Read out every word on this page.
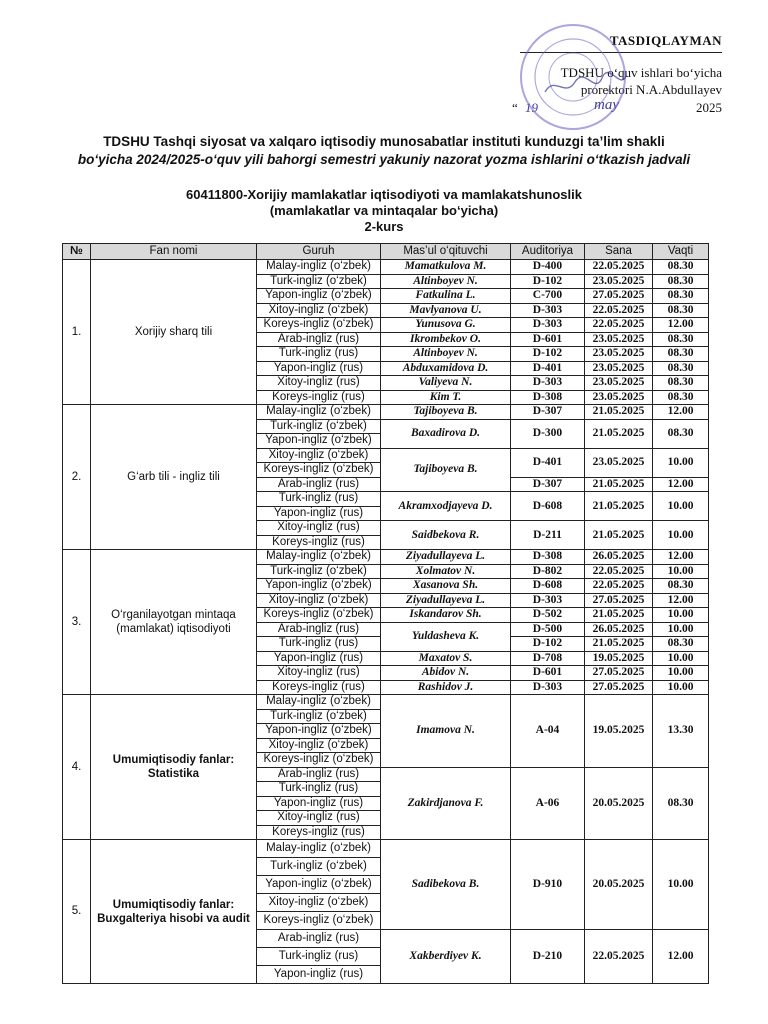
TASDIQLAYMAN
TDSHU o‘quv ishlari bo‘yicha
prorektori N.A.Abdullayev
“ 19	may	2025
TDSHU Tashqi siyosat va xalqaro iqtisodiy munosabatlar instituti kunduzgi ta’lim shakli
bo‘yicha 2024/2025-o‘quv yili bahorgi semestri yakuniy nazorat yozma ishlarini o‘tkazish jadvali
60411800-Xorijiy mamlakatlar iqtisodiyoti va mamlakatshunoslik
(mamlakatlar va mintaqalar bo‘yicha)
2-kurs
№	Fan nomi	Guruh	Mas’ul o‘qituvchi	Auditoriya	Sana	Vaqti
1.	Xorijiy sharq tili	Malay-ingliz (o‘zbek)	Mamatkulova M.	D-400	22.05.2025	08.30
		Turk-ingliz (o‘zbek)	Altinboyev N.	D-102	23.05.2025	08.30
		Yapon-ingliz (o‘zbek)	Fatkulina L.	C-700	27.05.2025	08.30
		Xitoy-ingliz (o‘zbek)	Mavlyanova U.	D-303	22.05.2025	08.30
		Koreys-ingliz (o‘zbek)	Yunusova G.	D-303	22.05.2025	12.00
		Arab-ingliz (rus)	Ikrombekov O.	D-601	23.05.2025	08.30
		Turk-ingliz (rus)	Altinboyev N.	D-102	23.05.2025	08.30
		Yapon-ingliz (rus)	Abduxamidova D.	D-401	23.05.2025	08.30
		Xitoy-ingliz (rus)	Valiyeva N.	D-303	23.05.2025	08.30
		Koreys-ingliz (rus)	Kim T.	D-308	23.05.2025	08.30
2.	G‘arb tili - ingliz tili	Malay-ingliz (o‘zbek)	Tajiboyeva B.	D-307	21.05.2025	12.00
		Turk-ingliz (o‘zbek)	Baxadirova D.	D-300	21.05.2025	08.30
		Yapon-ingliz (o‘zbek)				
		Xitoy-ingliz (o‘zbek)	Tajiboyeva B.	D-401	23.05.2025	10.00
		Koreys-ingliz (o‘zbek)				
		Arab-ingliz (rus)		D-307	21.05.2025	12.00
		Turk-ingliz (rus)	Akramxodjayeva D.	D-608	21.05.2025	10.00
		Yapon-ingliz (rus)				
		Xitoy-ingliz (rus)	Saidbekova R.	D-211	21.05.2025	10.00
		Koreys-ingliz (rus)				
3.	O‘rganilayotgan mintaqa (mamlakat) iqtisodiyoti	Malay-ingliz (o‘zbek)	Ziyadullayeva L.	D-308	26.05.2025	12.00
		Turk-ingliz (o‘zbek)	Xolmatov N.	D-802	22.05.2025	10.00
		Yapon-ingliz (o‘zbek)	Xasanova Sh.	D-608	22.05.2025	08.30
		Xitoy-ingliz (o‘zbek)	Ziyadullayeva L.	D-303	27.05.2025	12.00
		Koreys-ingliz (o‘zbek)	Iskandarov Sh.	D-502	21.05.2025	10.00
		Arab-ingliz (rus)	Yuldasheva K.	D-500	26.05.2025	10.00
		Turk-ingliz (rus)		D-102	21.05.2025	08.30
		Yapon-ingliz (rus)	Maxatov S.	D-708	19.05.2025	10.00
		Xitoy-ingliz (rus)	Abidov N.	D-601	27.05.2025	10.00
		Koreys-ingliz (rus)	Rashidov J.	D-303	27.05.2025	10.00
4.	Umumiqtisodiy fanlar: Statistika	Malay-ingliz (o‘zbek)	Imamova N.	A-04	19.05.2025	13.30
		Turk-ingliz (o‘zbek)				
		Yapon-ingliz (o‘zbek)				
		Xitoy-ingliz (o‘zbek)				
		Koreys-ingliz (o‘zbek)				
		Arab-ingliz (rus)	Zakirdjanova F.	A-06	20.05.2025	08.30
		Turk-ingliz (rus)				
		Yapon-ingliz (rus)				
		Xitoy-ingliz (rus)				
		Koreys-ingliz (rus)				
5.	Umumiqtisodiy fanlar: Buxgalteriya hisobi va audit	Malay-ingliz (o‘zbek)	Sadibekova B.	D-910	20.05.2025	10.00
		Turk-ingliz (o‘zbek)				
		Yapon-ingliz (o‘zbek)				
		Xitoy-ingliz (o‘zbek)				
		Koreys-ingliz (o‘zbek)				
		Arab-ingliz (rus)	Xakberdiyev K.	D-210	22.05.2025	12.00
		Turk-ingliz (rus)				
		Yapon-ingliz (rus)				
